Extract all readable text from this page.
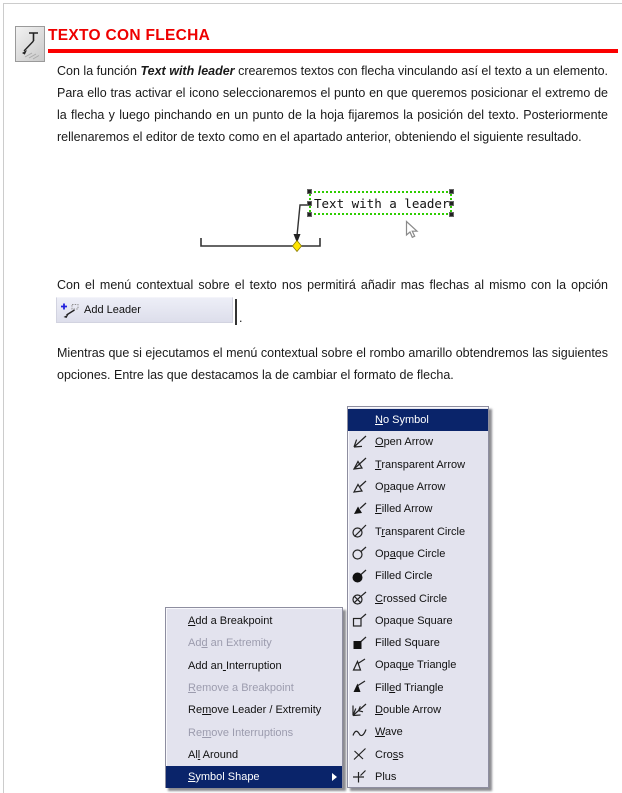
TEXTO CON FLECHA

Con la función Text with leader crearemos textos con flecha vinculando así el texto a un elemento. Para ello tras activar el icono seleccionaremos el punto en que queremos posicionar el extremo de la flecha y luego pinchando en un punto de la hoja fijaremos la posición del texto. Posteriormente rellenaremos el editor de texto como en el apartado anterior, obteniendo el siguiente resultado.

Text with a leader

Con el menú contextual sobre el texto nos permitirá añadir mas flechas al mismo con la opción

Add Leader
.

Mientras que si ejecutamos el menú contextual sobre el rombo amarillo obtendremos las siguientes opciones. Entre las que destacamos la de cambiar el formato de flecha.

Add a Breakpoint
Add an Extremity
Add an Interruption
Remove a Breakpoint
Remove Leader / Extremity
Remove Interruptions
All Around
Symbol Shape
No Symbol
Open Arrow
Transparent Arrow
Opaque Arrow
Filled Arrow
Transparent Circle
Opaque Circle
Filled Circle
Crossed Circle
Opaque Square
Filled Square
Opaque Triangle
Filled Triangle
Double Arrow
Wave
Cross
Plus
